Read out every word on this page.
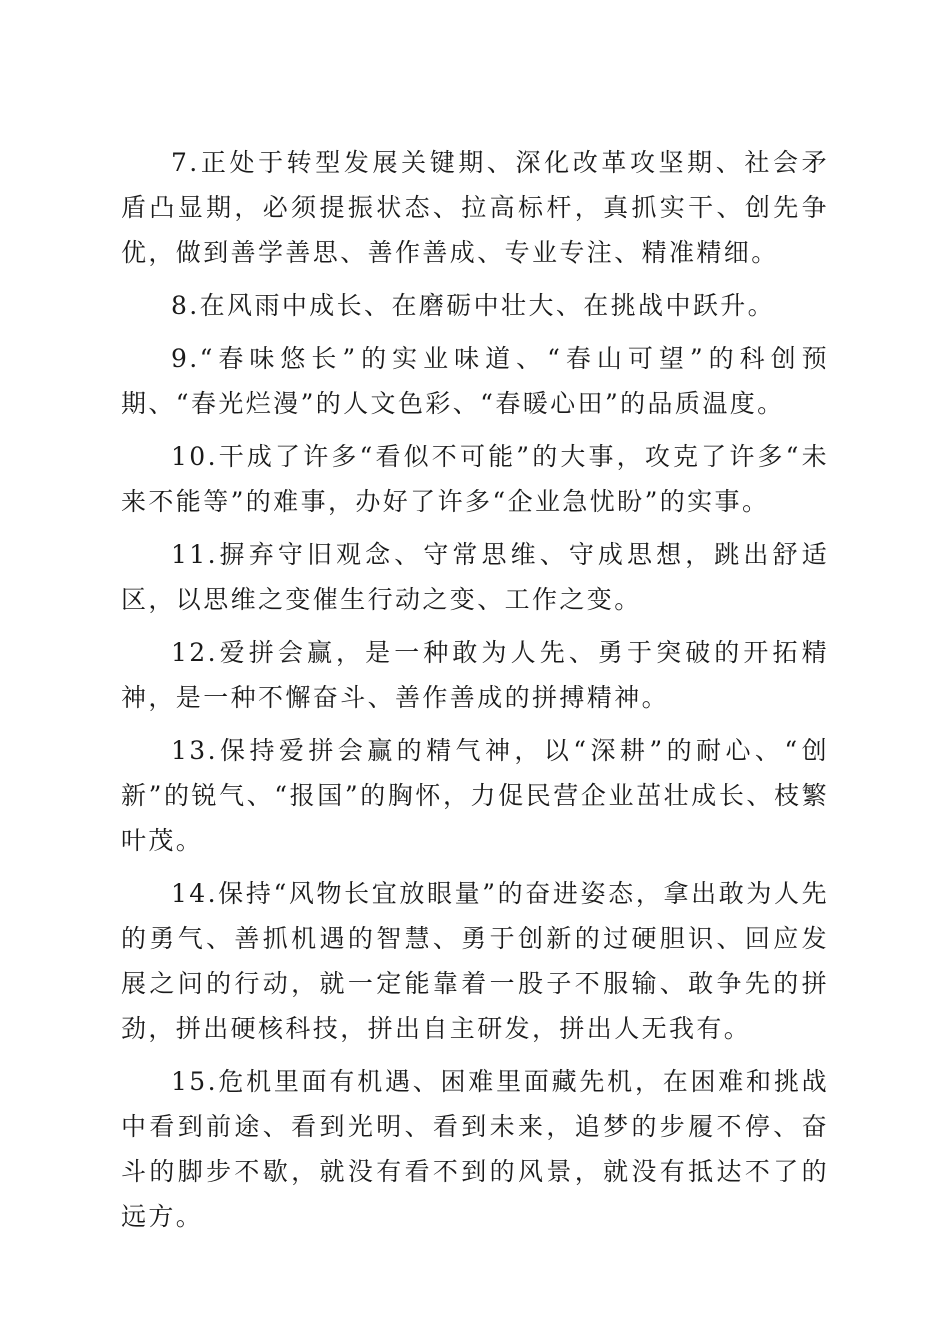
7.正处于转型发展关键期、深化改革攻坚期、社会矛盾凸显期，必须提振状态、拉高标杆，真抓实干、创先争优，做到善学善思、善作善成、专业专注、精准精细。

8.在风雨中成长、在磨砺中壮大、在挑战中跃升。

9.“春味悠长”的实业味道、“春山可望”的科创预期、“春光烂漫”的人文色彩、“春暖心田”的品质温度。

10.干成了许多“看似不可能”的大事，攻克了许多“未来不能等”的难事，办好了许多“企业急忧盼”的实事。

11.摒弃守旧观念、守常思维、守成思想，跳出舒适区，以思维之变催生行动之变、工作之变。

12.爱拼会赢，是一种敢为人先、勇于突破的开拓精神，是一种不懈奋斗、善作善成的拼搏精神。

13.保持爱拼会赢的精气神，以“深耕”的耐心、“创新”的锐气、“报国”的胸怀，力促民营企业茁壮成长、枝繁叶茂。

14.保持“风物长宜放眼量”的奋进姿态，拿出敢为人先的勇气、善抓机遇的智慧、勇于创新的过硬胆识、回应发展之问的行动，就一定能靠着一股子不服输、敢争先的拼劲，拼出硬核科技，拼出自主研发，拼出人无我有。

15.危机里面有机遇、困难里面藏先机，在困难和挑战中看到前途、看到光明、看到未来，追梦的步履不停、奋斗的脚步不歇，就没有看不到的风景，就没有抵达不了的远方。
